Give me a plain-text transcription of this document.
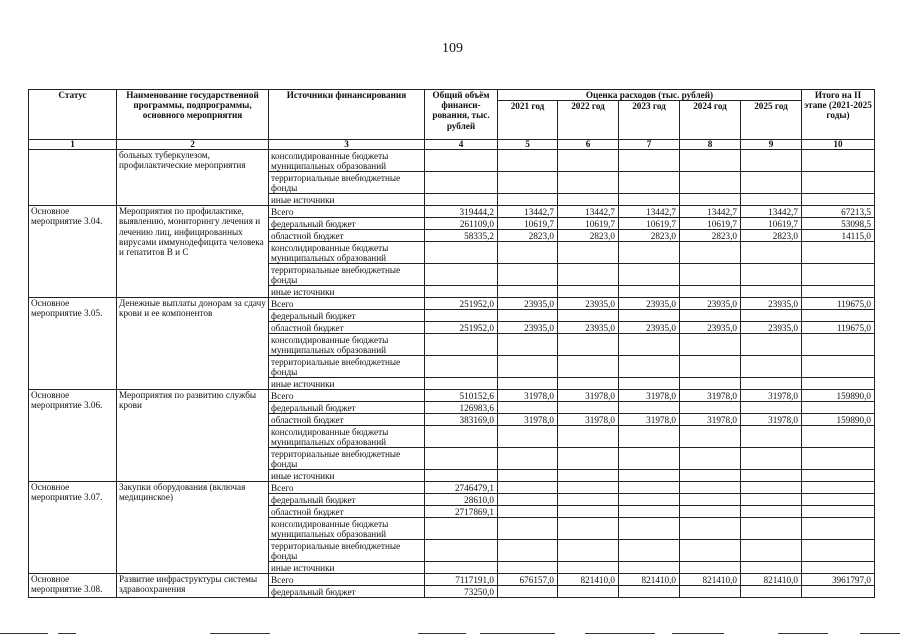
109
Статус	Наименование государственной программы, подпрограммы, основного мероприятия	Источники финансирования	Общий объём финанси-рования, тыс. рублей	Оценка расходов (тыс. рублей)					Итого на II этапе (2021-2025 годы)
				2021 год	2022 год	2023 год	2024 год	2025 год	
1	2	3	4	5	6	7	8	9	10
	больных туберкулезом, профилактические мероприятия	консолидированные бюджеты муниципальных образований							
		территориальные внебюджетные фонды							
		иные источники							
Основное мероприятие 3.04.	Мероприятия по профилактике, выявлению, мониторингу лечения и лечению лиц, инфицированных вирусами иммунодефицита человека и гепатитов В и С	Всего	319444,2	13442,7	13442,7	13442,7	13442,7	13442,7	67213,5
		федеральный бюджет	261109,0	10619,7	10619,7	10619,7	10619,7	10619,7	53098,5
		областной бюджет	58335,2	2823,0	2823,0	2823,0	2823,0	2823,0	14115,0
		консолидированные бюджеты муниципальных образований							
		территориальные внебюджетные фонды							
		иные источники							
Основное мероприятие 3.05.	Денежные выплаты донорам за сдачу крови и ее компонентов	Всего	251952,0	23935,0	23935,0	23935,0	23935,0	23935,0	119675,0
		федеральный бюджет							
		областной бюджет	251952,0	23935,0	23935,0	23935,0	23935,0	23935,0	119675,0
		консолидированные бюджеты муниципальных образований							
		территориальные внебюджетные фонды							
		иные источники							
Основное мероприятие 3.06.	Мероприятия по развитию службы крови	Всего	510152,6	31978,0	31978,0	31978,0	31978,0	31978,0	159890,0
		федеральный бюджет	126983,6						
		областной бюджет	383169,0	31978,0	31978,0	31978,0	31978,0	31978,0	159890,0
		консолидированные бюджеты муниципальных образований							
		территориальные внебюджетные фонды							
		иные источники							
Основное мероприятие 3.07.	Закупки оборудования (включая медицинское)	Всего	2746479,1						
		федеральный бюджет	28610,0						
		областной бюджет	2717869,1						
		консолидированные бюджеты муниципальных образований							
		территориальные внебюджетные фонды							
		иные источники							
Основное мероприятие 3.08.	Развитие инфраструктуры системы здравоохранения	Всего	7117191,0	676157,0	821410,0	821410,0	821410,0	821410,0	3961797,0
		федеральный бюджет	73250,0						
